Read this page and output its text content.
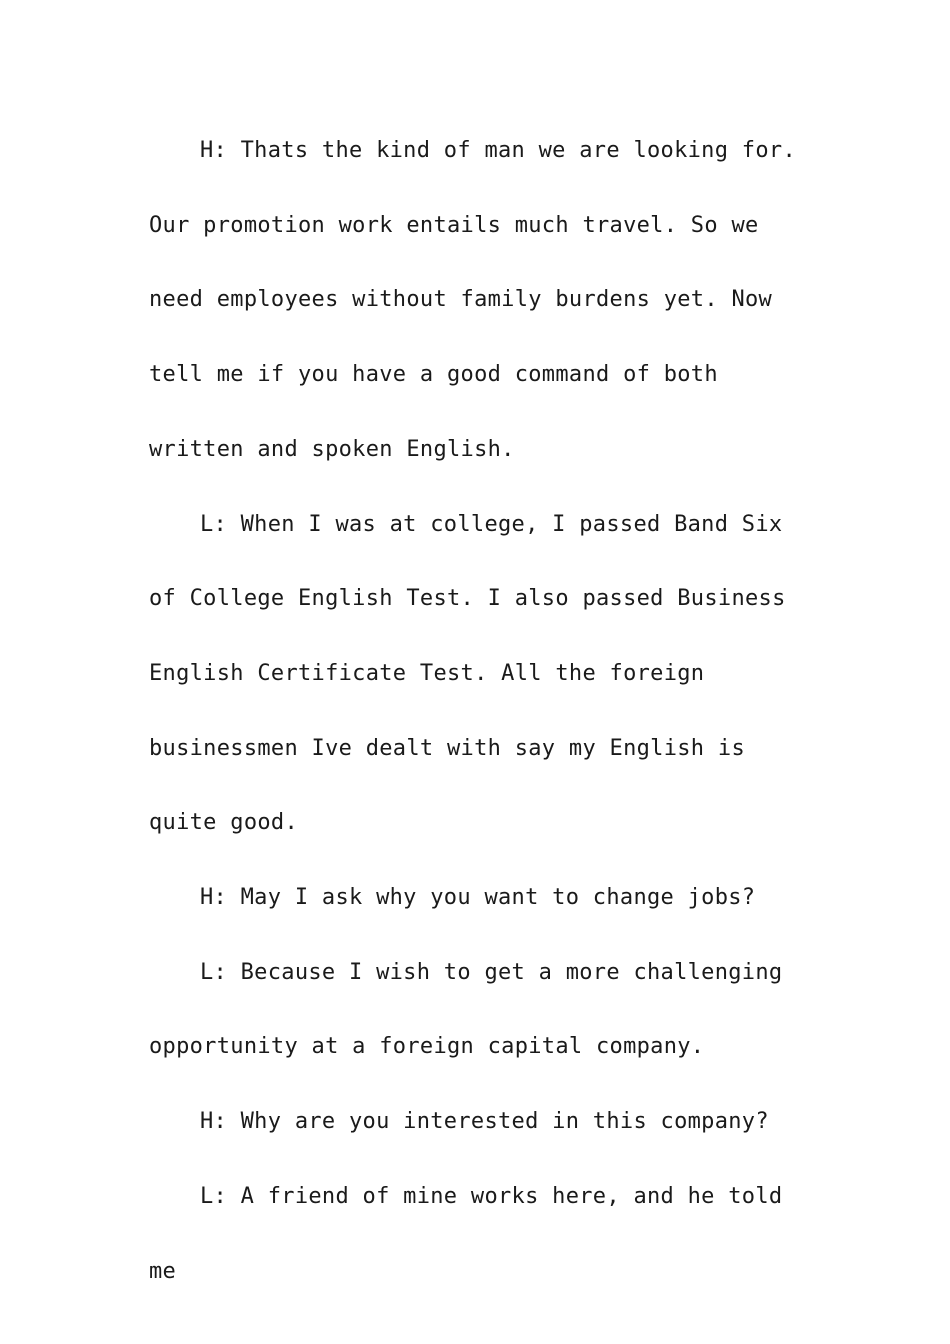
H: Thats the kind of man we are looking for. Our promotion work entails much travel. So we need employees without family burdens yet. Now tell me if you have a good command of both written and spoken English.

L: When I was at college, I passed Band Six of College English Test. I also passed Business English Certificate Test. All the foreign businessmen Ive dealt with say my English is quite good.

H: May I ask why you want to change jobs?

L: Because I wish to get a more challenging opportunity at a foreign capital company.

H: Why are you interested in this company?

L: A friend of mine works here, and he told me
